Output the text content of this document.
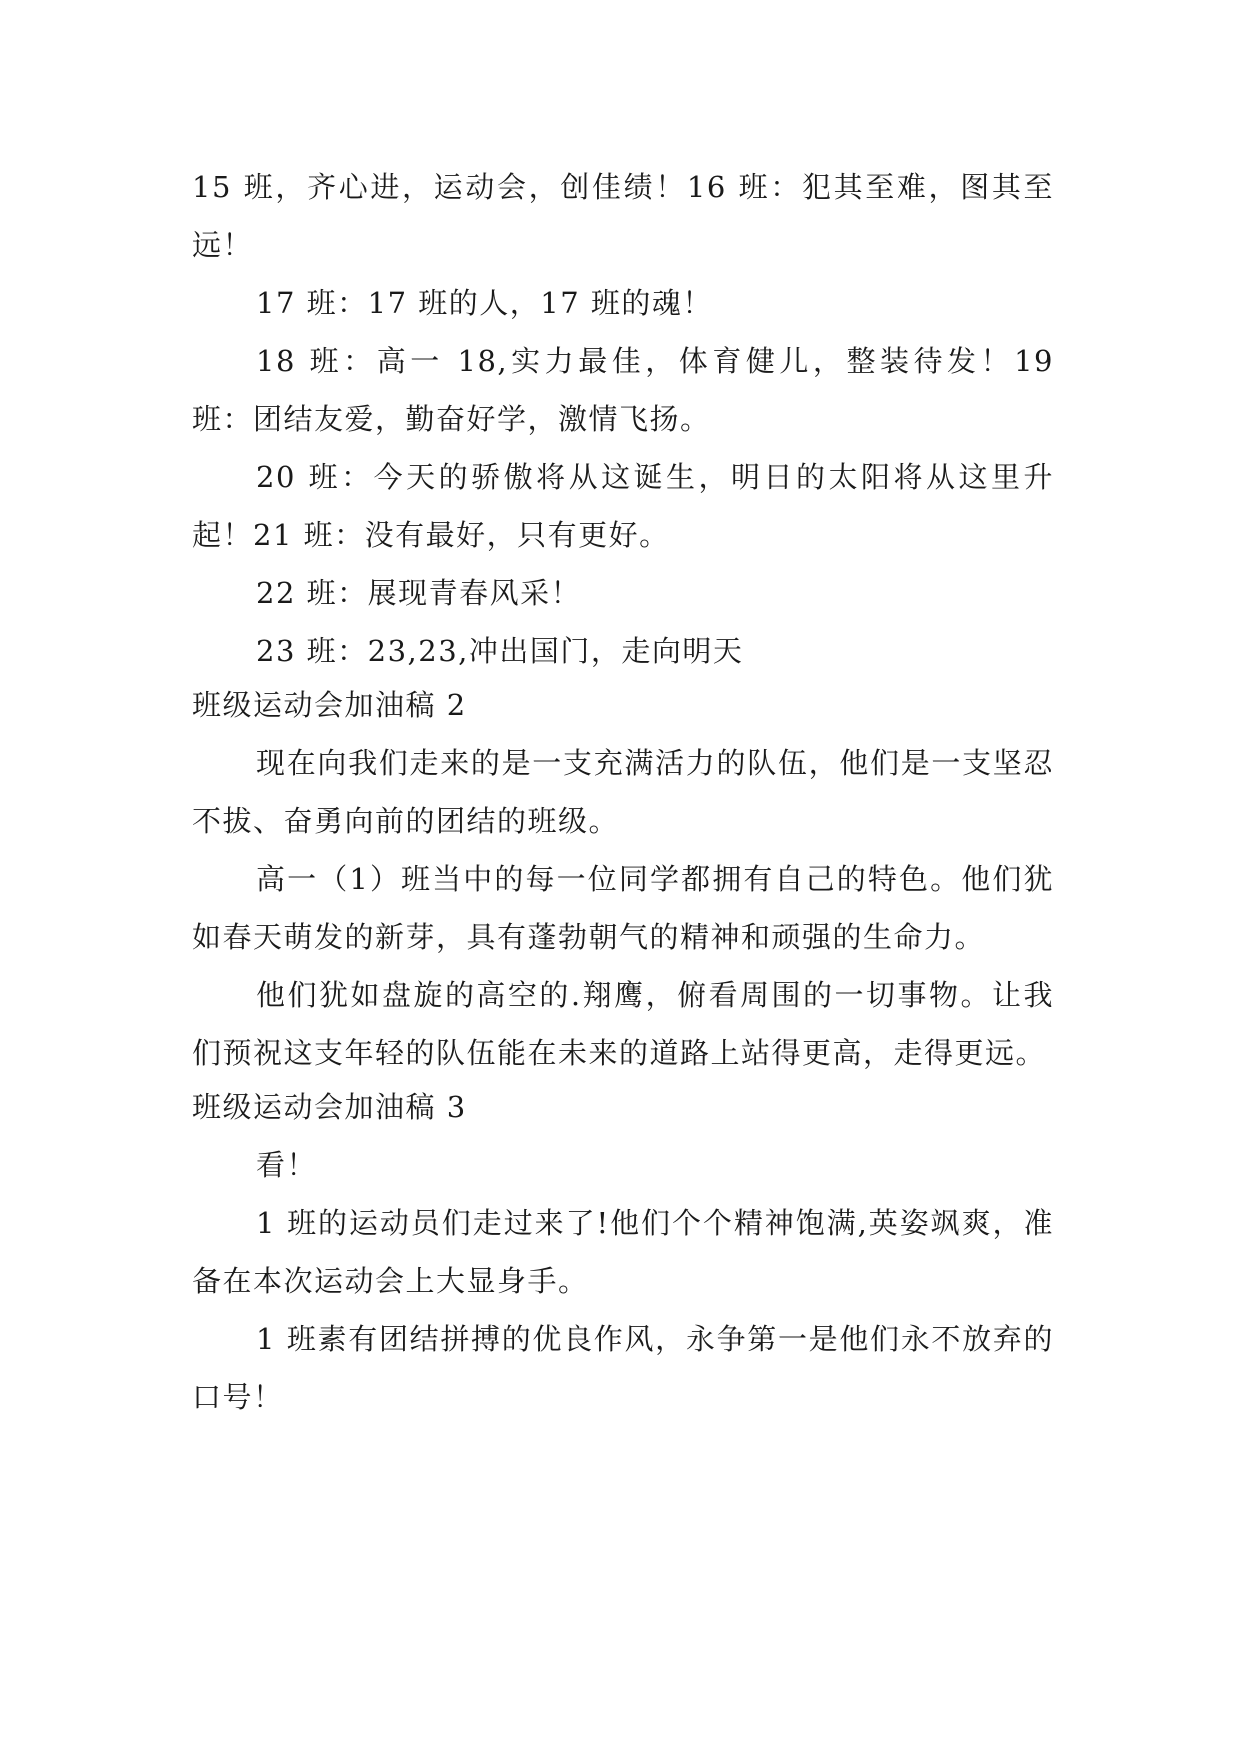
15 班，齐心进，运动会，创佳绩！16 班：犯其至难，图其至远！

17 班：17 班的人，17 班的魂！

18 班：高一 18,实力最佳，体育健儿，整装待发！19 班：团结友爱，勤奋好学，激情飞扬。

20 班：今天的骄傲将从这诞生，明日的太阳将从这里升起！21 班：没有最好，只有更好。

22 班：展现青春风采！

23 班：23,23,冲出国门，走向明天

班级运动会加油稿 2

现在向我们走来的是一支充满活力的队伍，他们是一支坚忍不拔、奋勇向前的团结的班级。

高一（1）班当中的每一位同学都拥有自己的特色。他们犹如春天萌发的新芽，具有蓬勃朝气的精神和顽强的生命力。

他们犹如盘旋的高空的.翔鹰，俯看周围的一切事物。让我们预祝这支年轻的队伍能在未来的道路上站得更高，走得更远。

班级运动会加油稿 3

看！

1 班的运动员们走过来了!他们个个精神饱满,英姿飒爽，准备在本次运动会上大显身手。

1 班素有团结拼搏的优良作风，永争第一是他们永不放弃的口号！
